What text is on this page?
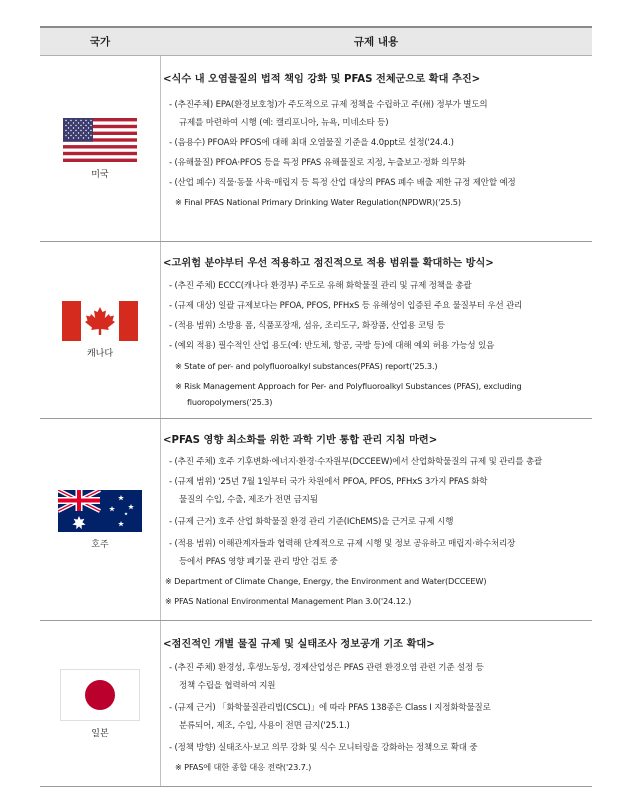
국가	규제 내용
미국
<식수 내 오염물질의 법적 책임 강화 및 PFAS 전체군으로 확대 추진>
- (추진주체) EPA(환경보호청)가 주도적으로 규제 정책을 수립하고 주(州) 정부가 별도의
규제를 마련하여 시행 (예: 캘리포니아, 뉴욕, 미네소타 등)
- (음용수) PFOA와 PFOS에 대해 최대 오염물질 기준을 4.0ppt로 설정('24.4.)
- (유해물질) PFOA·PFOS 등을 특정 PFAS 유해물질로 지정, 누출보고·정화 의무화
- (산업 폐수) 직물·동물 사육·매립지 등 특정 산업 대상의 PFAS 폐수 배출 제한 규정 제안할 예정
※ Final PFAS National Primary Drinking Water Regulation(NPDWR)('25.5)
캐나다
<고위험 분야부터 우선 적용하고 점진적으로 적용 범위를 확대하는 방식>
- (추진 주체) ECCC(캐나다 환경부) 주도로 유해 화학물질 관리 및 규제 정책을 총괄
- (규제 대상) 일괄 규제보다는 PFOA, PFOS, PFHxS 등 유해성이 입증된 주요 물질부터 우선 관리
- (적용 범위) 소방용 폼, 식품포장재, 섬유, 조리도구, 화장품, 산업용 코팅 등
- (예외 적용) 필수적인 산업 용도(예: 반도체, 항공, 국방 등)에 대해 예외 허용 가능성 있음
※ State of per- and polyfluoroalkyl substances(PFAS) report('25.3.)
※ Risk Management Approach for Per- and Polyfluoroalkyl Substances (PFAS), excluding
fluoropolymers('25.3)
호주
<PFAS 영향 최소화를 위한 과학 기반 통합 관리 지침 마련>
- (추진 주체) 호주 기후변화·에너지·환경·수자원부(DCCEEW)에서 산업화학물질의 규제 및 관리를 총괄
- (규제 범위) '25년 7월 1일부터 국가 차원에서 PFOA, PFOS, PFHxS 3가지 PFAS 화학
물질의 수입, 수출, 제조가 전면 금지됨
- (규제 근거) 호주 산업 화학물질 환경 관리 기준(IChEMS)을 근거로 규제 시행
- (적용 범위) 이해관계자들과 협력해 단계적으로 규제 시행 및 정보 공유하고 매립지·하수처리장
등에서 PFAS 영향 폐기물 관리 방안 검토 중
※ Department of Climate Change, Energy, the Environment and Water(DCCEEW)
※ PFAS National Environmental Management Plan 3.0('24.12.)
일본
<점진적인 개별 물질 규제 및 실태조사 정보공개 기조 확대>
- (추진 주체) 환경성, 후생노동성, 경제산업성은 PFAS 관련 환경오염 관련 기준 설정 등
정책 수립을 협력하여 지원
- (규제 근거) 「화학물질관리법(CSCL)」에 따라 PFAS 138종은 Class I 지정화학물질로
분류되어, 제조, 수입, 사용이 전면 금지('25.1.)
- (정책 방향) 실태조사·보고 의무 강화 및 식수 모니터링을 강화하는 정책으로 확대 중
※ PFAS에 대한 종합 대응 전략('23.7.)
